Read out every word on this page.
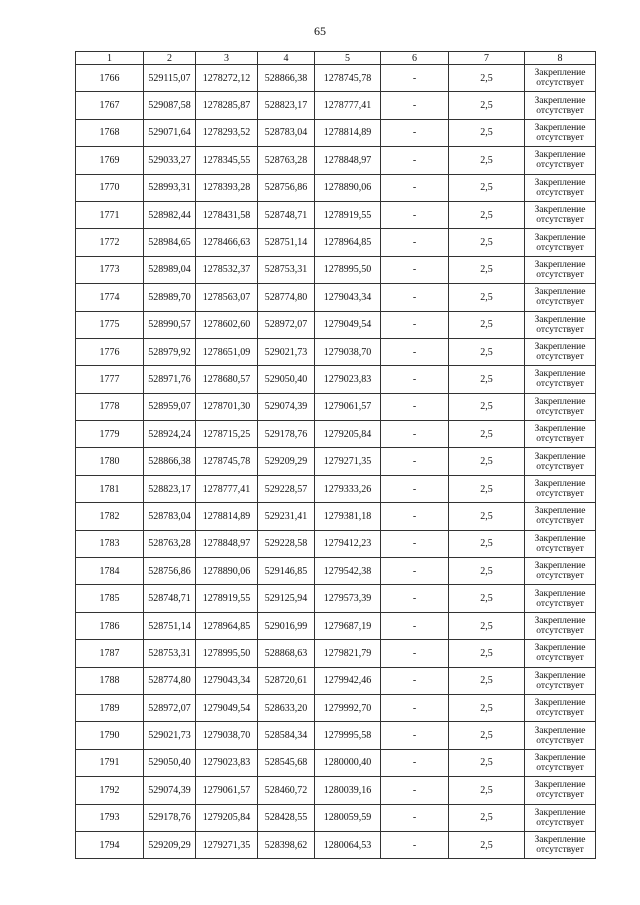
65
1	2	3	4	5	6	7	8
1766	529115,07	1278272,12	528866,38	1278745,78	-	2,5	Закрепление отсутствует
1767	529087,58	1278285,87	528823,17	1278777,41	-	2,5	Закрепление отсутствует
1768	529071,64	1278293,52	528783,04	1278814,89	-	2,5	Закрепление отсутствует
1769	529033,27	1278345,55	528763,28	1278848,97	-	2,5	Закрепление отсутствует
1770	528993,31	1278393,28	528756,86	1278890,06	-	2,5	Закрепление отсутствует
1771	528982,44	1278431,58	528748,71	1278919,55	-	2,5	Закрепление отсутствует
1772	528984,65	1278466,63	528751,14	1278964,85	-	2,5	Закрепление отсутствует
1773	528989,04	1278532,37	528753,31	1278995,50	-	2,5	Закрепление отсутствует
1774	528989,70	1278563,07	528774,80	1279043,34	-	2,5	Закрепление отсутствует
1775	528990,57	1278602,60	528972,07	1279049,54	-	2,5	Закрепление отсутствует
1776	528979,92	1278651,09	529021,73	1279038,70	-	2,5	Закрепление отсутствует
1777	528971,76	1278680,57	529050,40	1279023,83	-	2,5	Закрепление отсутствует
1778	528959,07	1278701,30	529074,39	1279061,57	-	2,5	Закрепление отсутствует
1779	528924,24	1278715,25	529178,76	1279205,84	-	2,5	Закрепление отсутствует
1780	528866,38	1278745,78	529209,29	1279271,35	-	2,5	Закрепление отсутствует
1781	528823,17	1278777,41	529228,57	1279333,26	-	2,5	Закрепление отсутствует
1782	528783,04	1278814,89	529231,41	1279381,18	-	2,5	Закрепление отсутствует
1783	528763,28	1278848,97	529228,58	1279412,23	-	2,5	Закрепление отсутствует
1784	528756,86	1278890,06	529146,85	1279542,38	-	2,5	Закрепление отсутствует
1785	528748,71	1278919,55	529125,94	1279573,39	-	2,5	Закрепление отсутствует
1786	528751,14	1278964,85	529016,99	1279687,19	-	2,5	Закрепление отсутствует
1787	528753,31	1278995,50	528868,63	1279821,79	-	2,5	Закрепление отсутствует
1788	528774,80	1279043,34	528720,61	1279942,46	-	2,5	Закрепление отсутствует
1789	528972,07	1279049,54	528633,20	1279992,70	-	2,5	Закрепление отсутствует
1790	529021,73	1279038,70	528584,34	1279995,58	-	2,5	Закрепление отсутствует
1791	529050,40	1279023,83	528545,68	1280000,40	-	2,5	Закрепление отсутствует
1792	529074,39	1279061,57	528460,72	1280039,16	-	2,5	Закрепление отсутствует
1793	529178,76	1279205,84	528428,55	1280059,59	-	2,5	Закрепление отсутствует
1794	529209,29	1279271,35	528398,62	1280064,53	-	2,5	Закрепление отсутствует
